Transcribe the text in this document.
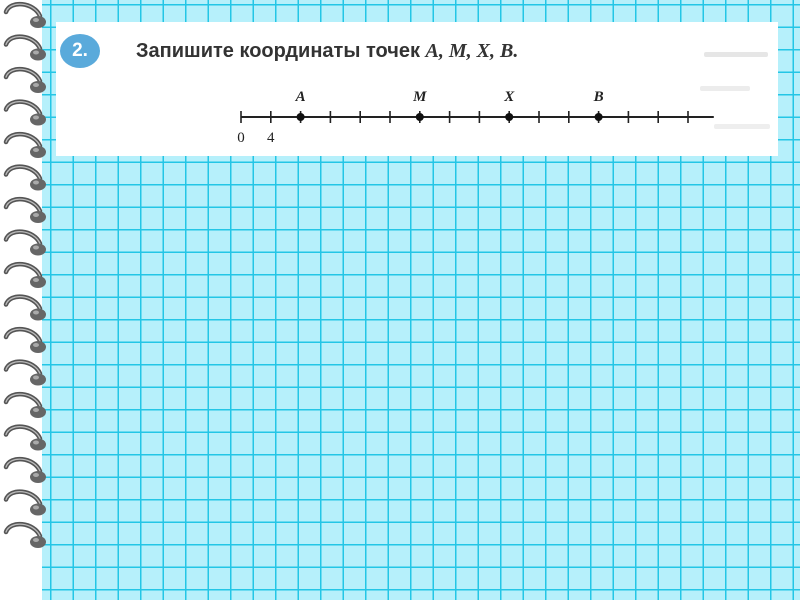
2.	Запишите координаты точек A, M, X, B.
0 4
A	M	X	B
